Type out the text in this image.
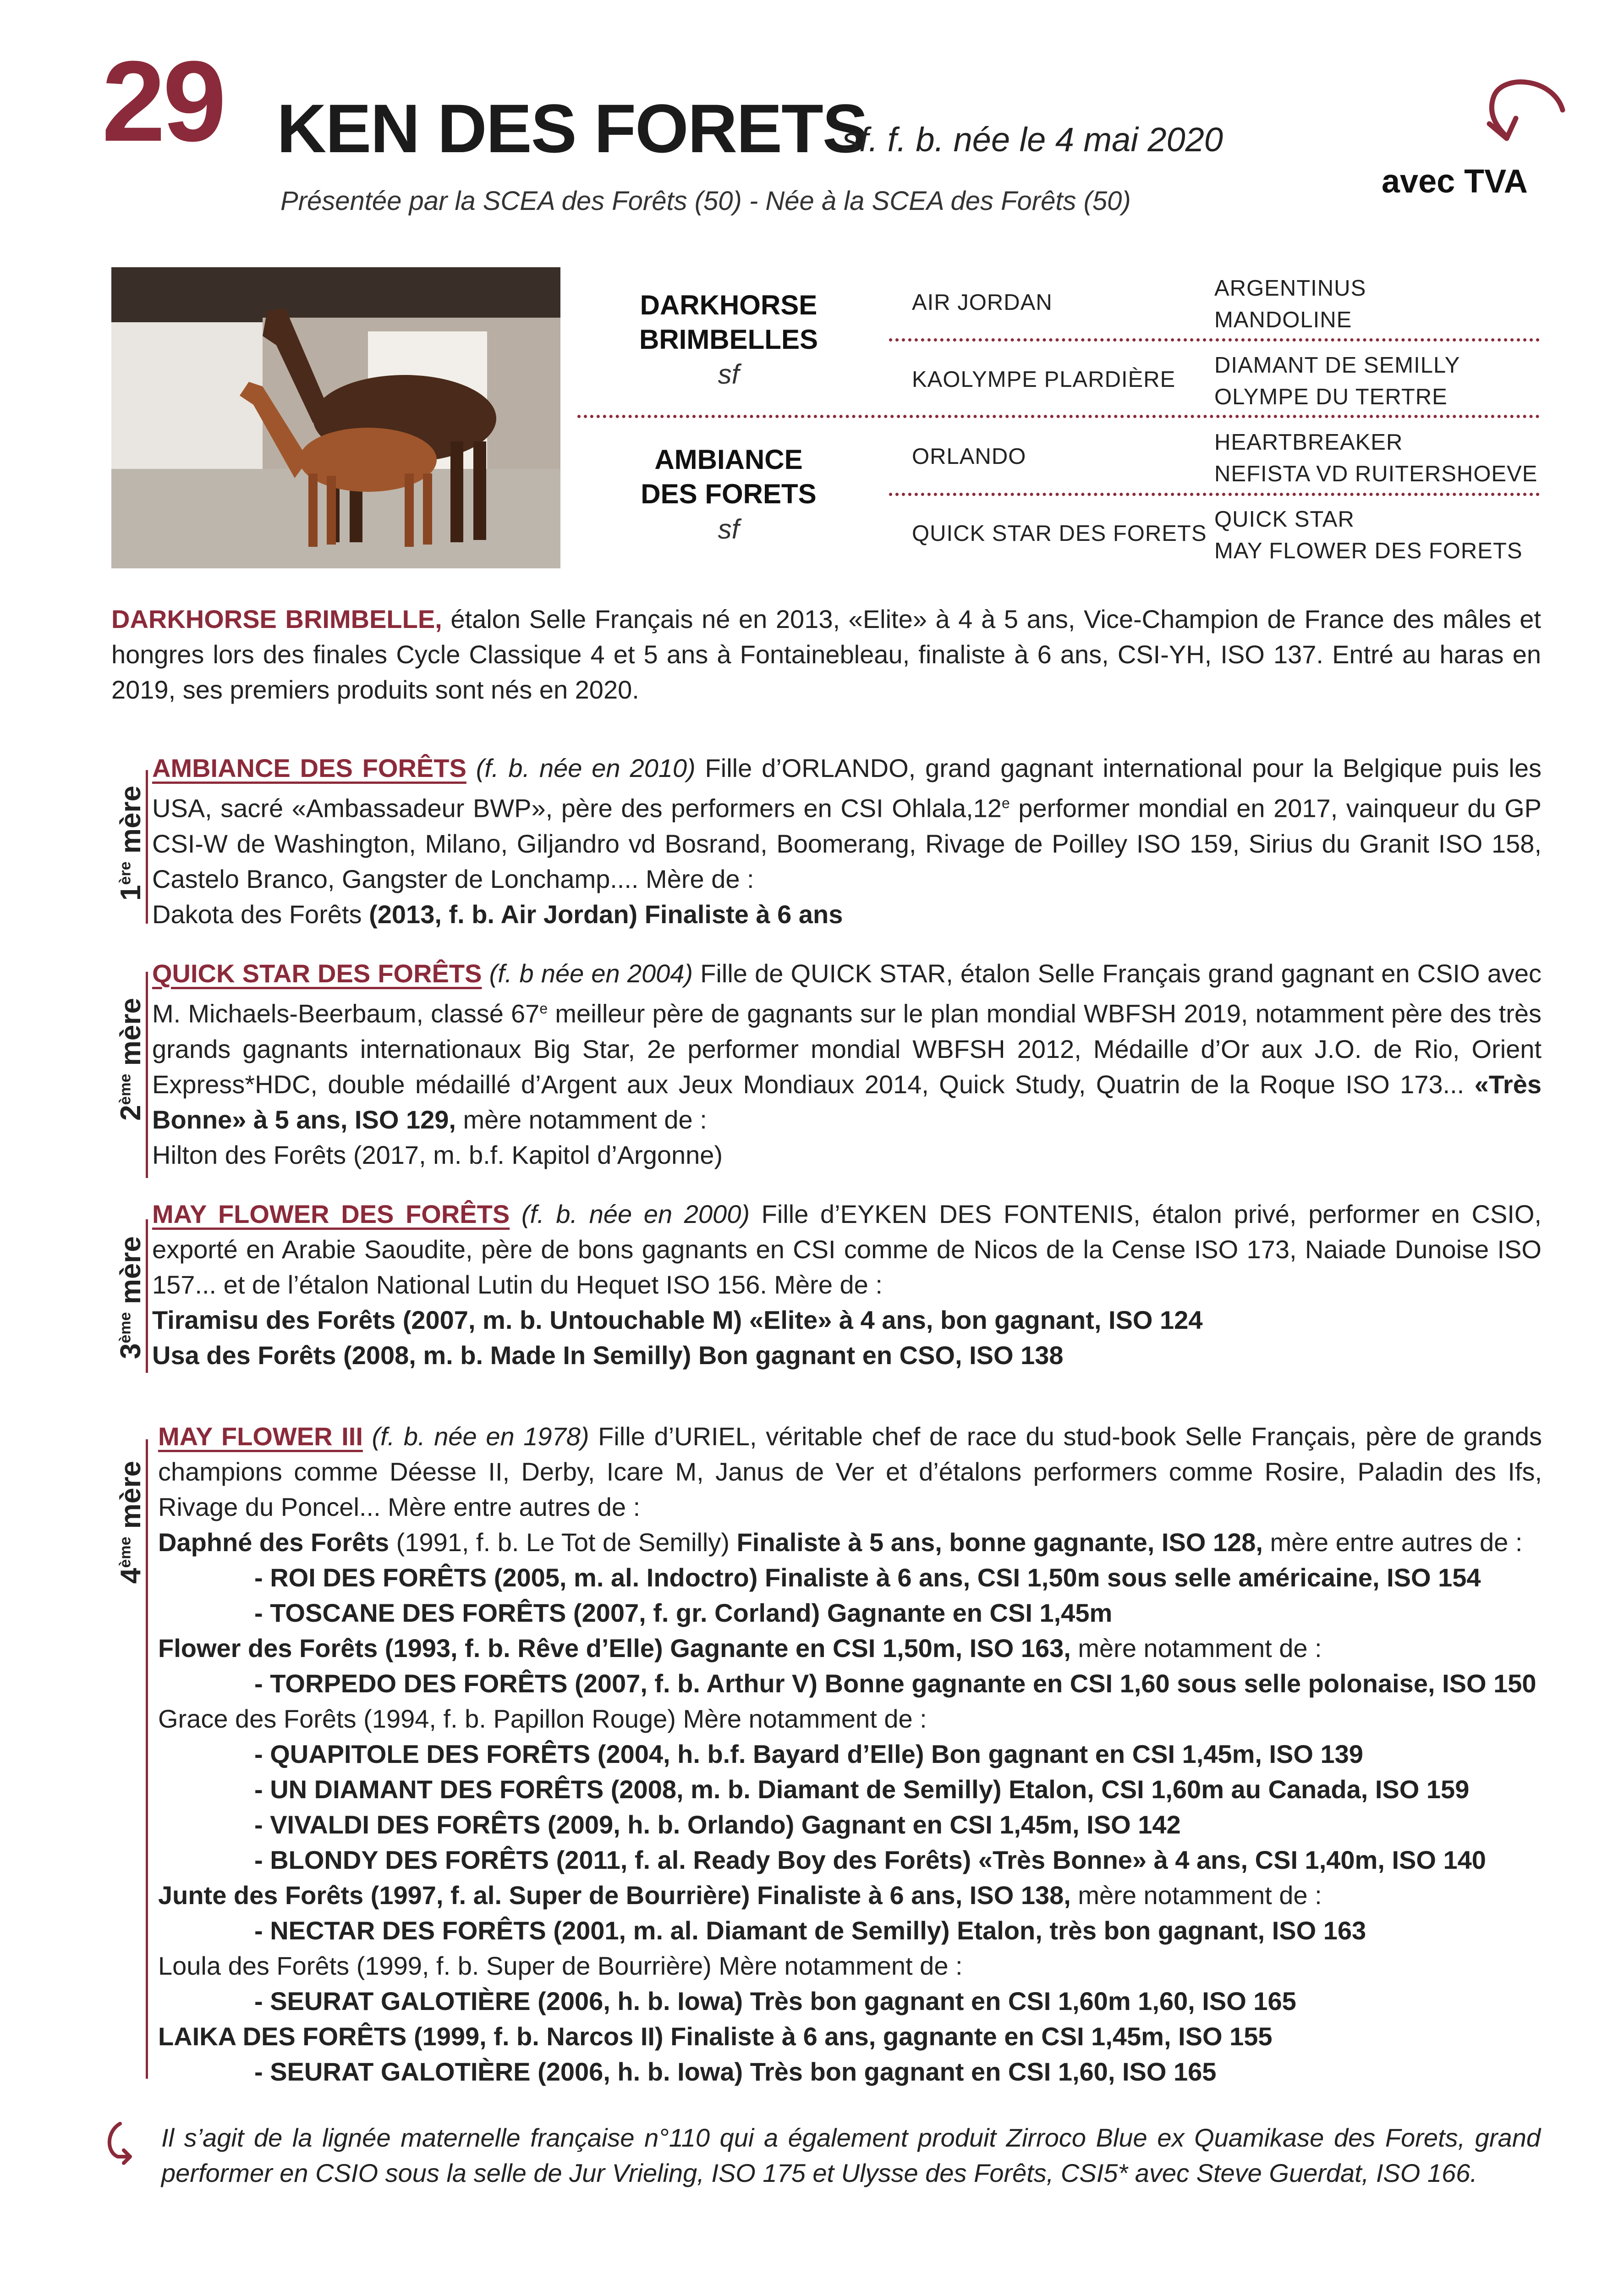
29 KEN DES FORETS
sf. f. b. née le 4 mai 2020
Présentée par la SCEA des Forêts (50) - Née à la SCEA des Forêts (50)
avec TVA
DARKHORSE
BRIMBELLES
sf
AMBIANCE
DES FORETS
sf
AIR JORDAN
KAOLYMPE PLARDIÈRE
ORLANDO
QUICK STAR DES FORETS
ARGENTINUS
MANDOLINE
DIAMANT DE SEMILLY
OLYMPE DU TERTRE
HEARTBREAKER
NEFISTA VD RUITERSHOEVE
QUICK STAR
MAY FLOWER DES FORETS
DARKHORSE BRIMBELLE, étalon Selle Français né en 2013, «Elite» à 4 à 5 ans, Vice-Champion de France des mâles et hongres lors des finales Cycle Classique 4 et 5 ans à Fontainebleau, finaliste à 6 ans, CSI-YH, ISO 137. Entré au haras en 2019, ses premiers produits sont nés en 2020.
1ère mère
AMBIANCE DES FORÊTS (f. b. née en 2010) Fille d’ORLANDO, grand gagnant international pour la Belgique puis les USA, sacré «Ambassadeur BWP», père des performers en CSI Ohlala,12e performer mondial en 2017, vainqueur du GP CSI-W de Washington, Milano, Giljandro vd Bosrand, Boomerang, Rivage de Poilley ISO 159, Sirius du Granit ISO 158, Castelo Branco, Gangster de Lonchamp.... Mère de :
Dakota des Forêts (2013, f. b. Air Jordan) Finaliste à 6 ans
2ème mère
QUICK STAR DES FORÊTS (f. b née en 2004) Fille de QUICK STAR, étalon Selle Français grand gagnant en CSIO avec M. Michaels-Beerbaum, classé 67e meilleur père de gagnants sur le plan mondial WBFSH 2019, notamment père des très grands gagnants internationaux Big Star, 2e performer mondial WBFSH 2012, Médaille d’Or aux J.O. de Rio, Orient Express*HDC, double médaillé d’Argent aux Jeux Mondiaux 2014, Quick Study, Quatrin de la Roque ISO 173... «Très Bonne» à 5 ans, ISO 129, mère notamment de :
Hilton des Forêts (2017, m. b.f. Kapitol d’Argonne)
3ème mère
MAY FLOWER DES FORÊTS (f. b. née en 2000) Fille d’EYKEN DES FONTENIS, étalon privé, performer en CSIO, exporté en Arabie Saoudite, père de bons gagnants en CSI comme de Nicos de la Cense ISO 173, Naiade Dunoise ISO 157... et de l’étalon National Lutin du Hequet ISO 156. Mère de :
Tiramisu des Forêts (2007, m. b. Untouchable M) «Elite» à 4 ans, bon gagnant, ISO 124
Usa des Forêts (2008, m. b. Made In Semilly) Bon gagnant en CSO, ISO 138
4ème mère
MAY FLOWER III (f. b. née en 1978) Fille d’URIEL, véritable chef de race du stud-book Selle Français, père de grands champions comme Déesse II, Derby, Icare M, Janus de Ver et d’étalons performers comme Rosire, Paladin des Ifs, Rivage du Poncel... Mère entre autres de :
Daphné des Forêts (1991, f. b. Le Tot de Semilly) Finaliste à 5 ans, bonne gagnante, ISO 128, mère entre autres de :
- ROI DES FORÊTS (2005, m. al. Indoctro) Finaliste à 6 ans, CSI 1,50m sous selle américaine, ISO 154
- TOSCANE DES FORÊTS (2007, f. gr. Corland) Gagnante en CSI 1,45m
Flower des Forêts (1993, f. b. Rêve d’Elle) Gagnante en CSI 1,50m, ISO 163, mère notamment de :
- TORPEDO DES FORÊTS (2007, f. b. Arthur V) Bonne gagnante en CSI 1,60 sous selle polonaise, ISO 150
Grace des Forêts (1994, f. b. Papillon Rouge) Mère notamment de :
- QUAPITOLE DES FORÊTS (2004, h. b.f. Bayard d’Elle) Bon gagnant en CSI 1,45m, ISO 139
- UN DIAMANT DES FORÊTS (2008, m. b. Diamant de Semilly) Etalon, CSI 1,60m au Canada, ISO 159
- VIVALDI DES FORÊTS (2009, h. b. Orlando) Gagnant en CSI 1,45m, ISO 142
- BLONDY DES FORÊTS (2011, f. al. Ready Boy des Forêts) «Très Bonne» à 4 ans, CSI 1,40m, ISO 140
Junte des Forêts (1997, f. al. Super de Bourrière) Finaliste à 6 ans, ISO 138, mère notamment de :
- NECTAR DES FORÊTS (2001, m. al. Diamant de Semilly) Etalon, très bon gagnant, ISO 163
Loula des Forêts (1999, f. b. Super de Bourrière) Mère notamment de :
- SEURAT GALOTIÈRE (2006, h. b. Iowa) Très bon gagnant en CSI 1,60m 1,60, ISO 165
LAIKA DES FORÊTS (1999, f. b. Narcos II) Finaliste à 6 ans, gagnante en CSI 1,45m, ISO 155
- SEURAT GALOTIÈRE (2006, h. b. Iowa) Très bon gagnant en CSI 1,60, ISO 165
Il s’agit de la lignée maternelle française n°110 qui a également produit Zirroco Blue ex Quamikase des Forets, grand performer en CSIO sous la selle de Jur Vrieling, ISO 175 et Ulysse des Forêts, CSI5* avec Steve Guerdat, ISO 166.
